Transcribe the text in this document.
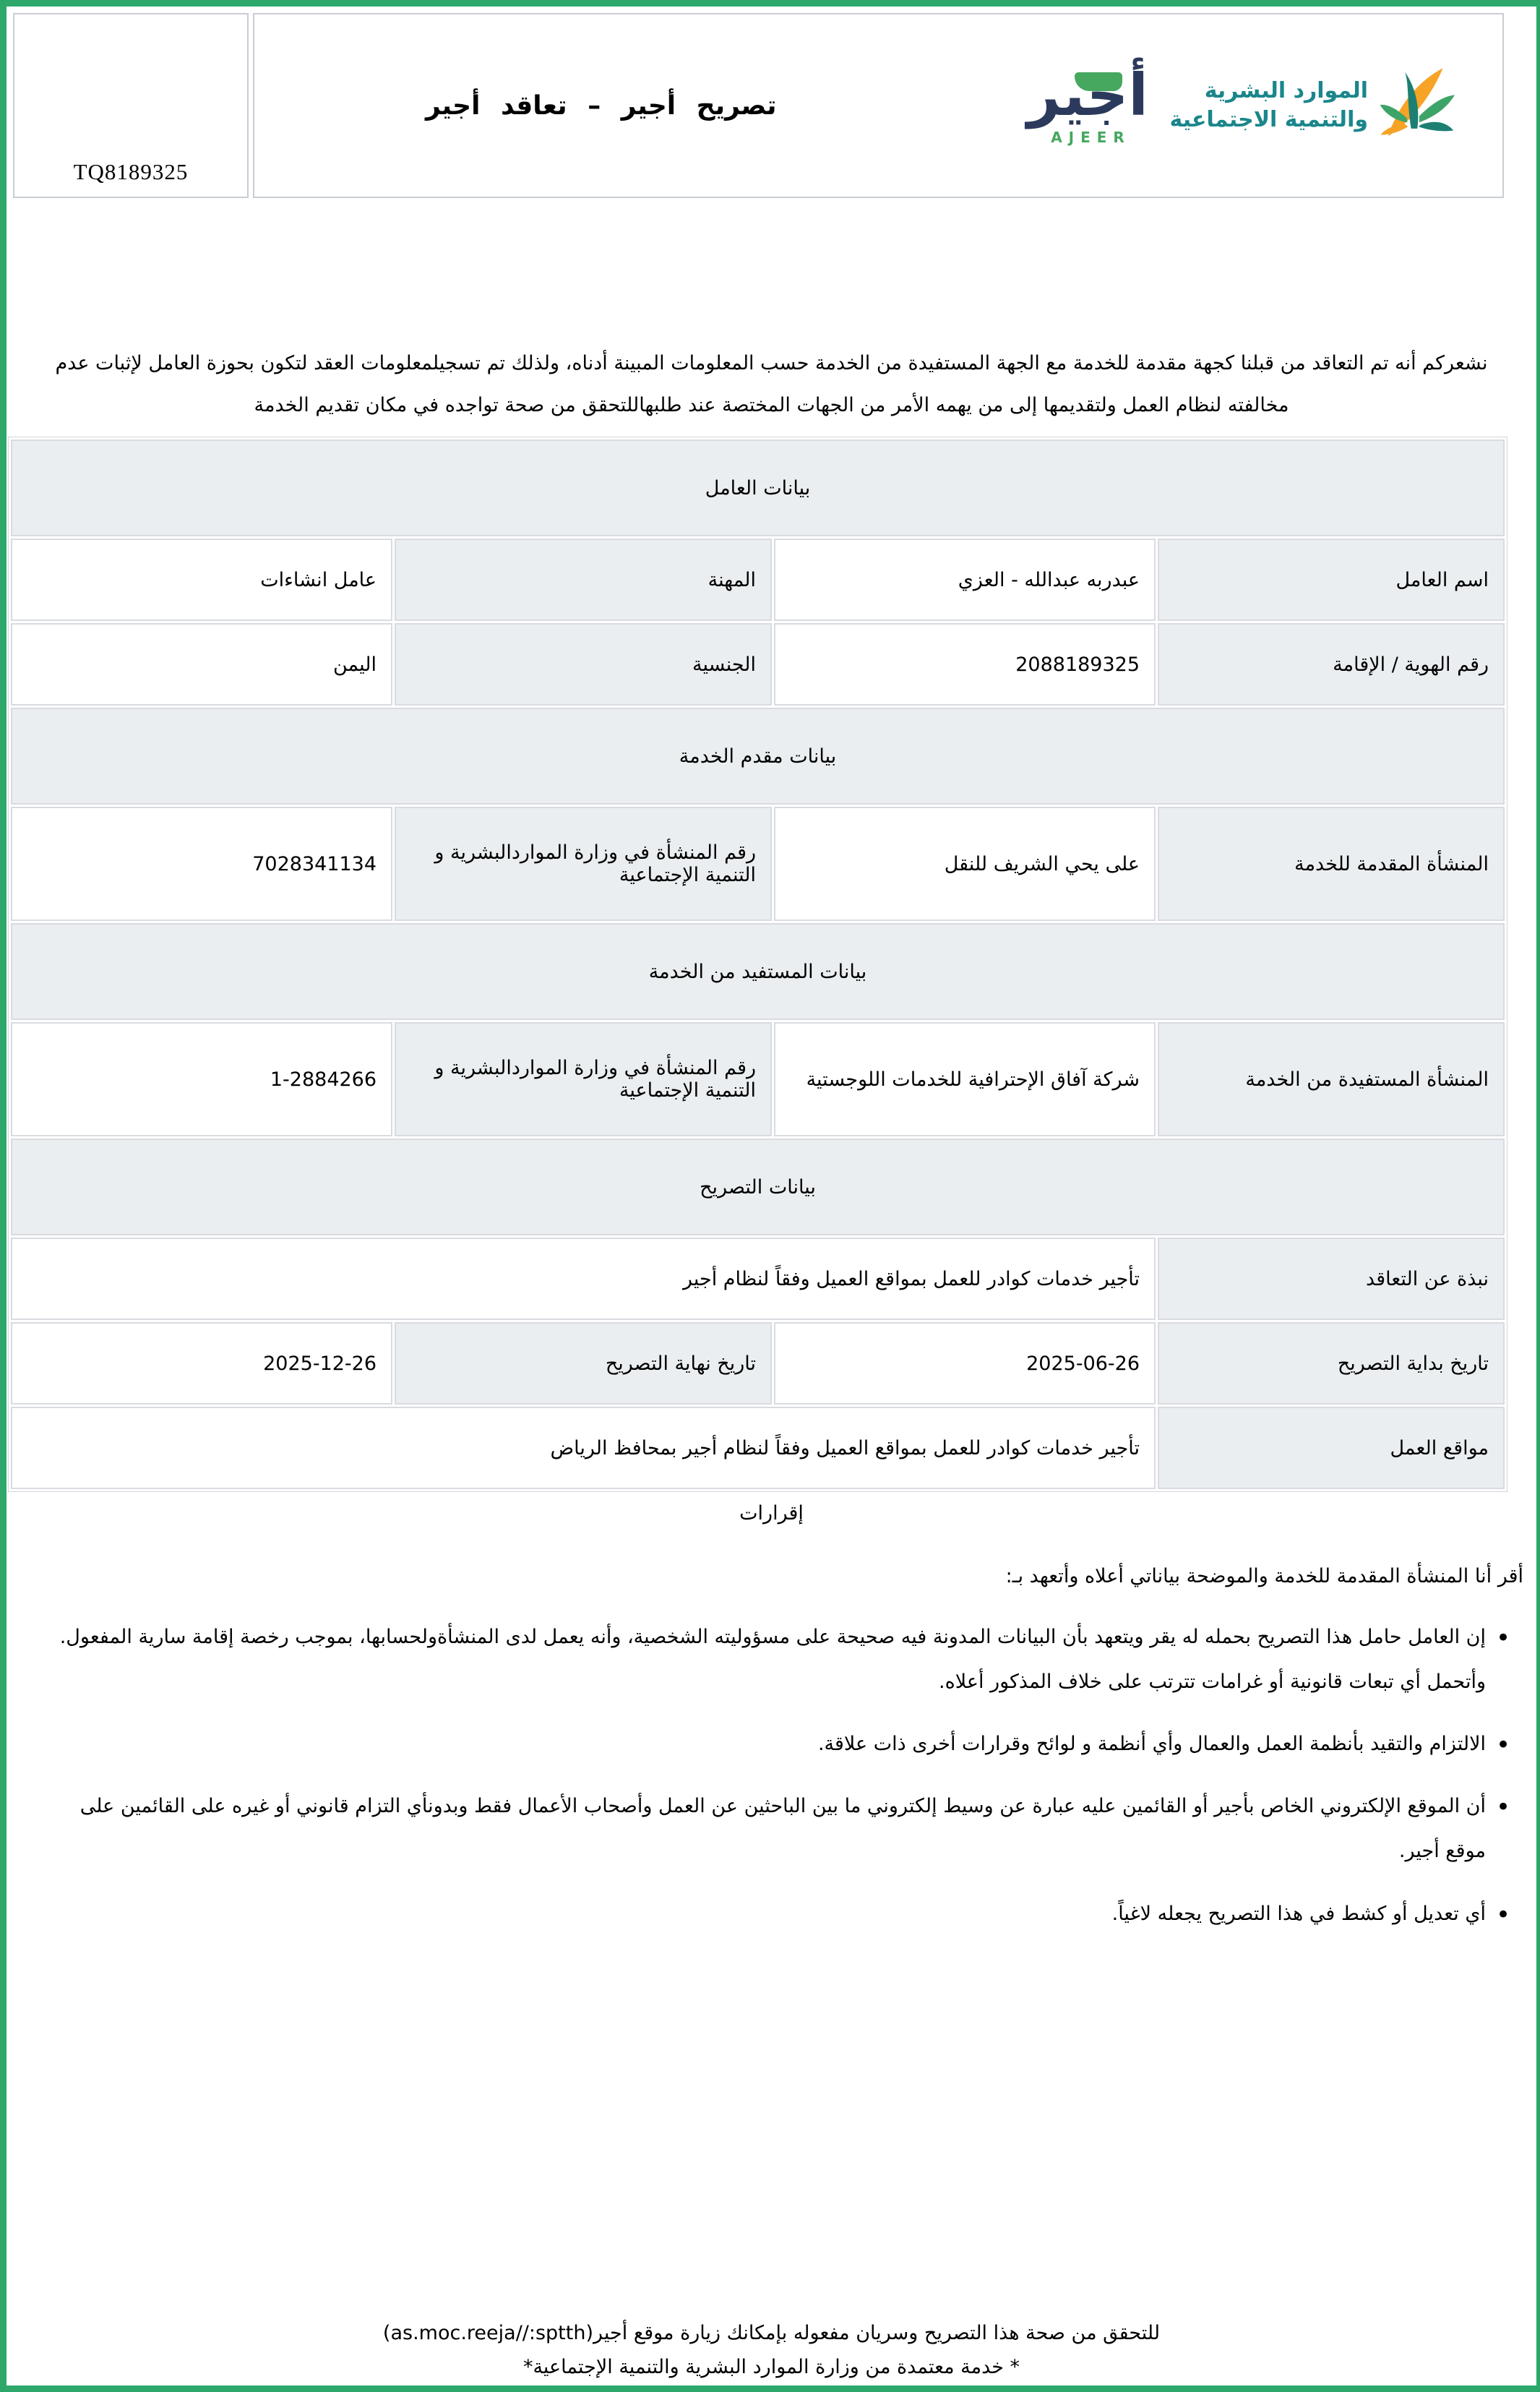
TQ8189325
تصريح أجير – تعاقد أجير	أجير
AJEER
الموارد البشرية
والتنمية الاجتماعية

نشعركم أنه تم التعاقد من قبلنا كجهة مقدمة للخدمة مع الجهة المستفيدة من الخدمة حسب المعلومات المبينة أدناه، ولذلك تم تسجيلمعلومات العقد لتكون بحوزة العامل لإثبات عدم مخالفته لنظام العمل ولتقديمها إلى من يهمه الأمر من الجهات المختصة عند طلبهاللتحقق من صحة تواجده في مكان تقديم الخدمة

بيانات العامل			
اسم العامل	عبدربه عبدالله - العزي	المهنة	عامل انشاءات
رقم الهوية / الإقامة	2088189325	الجنسية	اليمن
بيانات مقدم الخدمة			
المنشأة المقدمة للخدمة	على يحي الشريف للنقل	رقم المنشأة في وزارة المواردالبشرية و التنمية الإجتماعية	7028341134
بيانات المستفيد من الخدمة			
المنشأة المستفيدة من الخدمة	شركة آفاق الإحترافية للخدمات اللوجستية	رقم المنشأة في وزارة المواردالبشرية و التنمية الإجتماعية	1-2884266
بيانات التصريح			
نبذة عن التعاقد	تأجير خدمات كوادر للعمل بمواقع العميل وفقاً لنظام أجير		
تاريخ بداية التصريح	2025-06-26	تاريخ نهاية التصريح	2025-12-26
مواقع العمل	تأجير خدمات كوادر للعمل بمواقع العميل وفقاً لنظام أجير بمحافظ الرياض		
إقرارات

أقر أنا المنشأة المقدمة للخدمة والموضحة بياناتي أعلاه وأتعهد بـ:

• إن العامل حامل هذا التصريح بحمله له يقر ويتعهد بأن البيانات المدونة فيه صحيحة على مسؤوليته الشخصية، وأنه يعمل لدى المنشأةولحسابها، بموجب رخصة إقامة سارية المفعول. وأتحمل أي تبعات قانونية أو غرامات تترتب على خلاف المذكور أعلاه.
• الالتزام والتقيد بأنظمة العمل والعمال وأي أنظمة و لوائح وقرارات أخرى ذات علاقة.
• أن الموقع الإلكتروني الخاص بأجير أو القائمين عليه عبارة عن وسيط إلكتروني ما بين الباحثين عن العمل وأصحاب الأعمال فقط وبدونأي التزام قانوني أو غيره على القائمين على موقع أجير.
• أي تعديل أو كشط في هذا التصريح يجعله لاغياً.
للتحقق من صحة هذا التصريح وسريان مفعوله بإمكانك زيارة موقع أجير(as.moc.reeja//:sptth)
* خدمة معتمدة من وزارة الموارد البشرية والتنمية الإجتماعية*
